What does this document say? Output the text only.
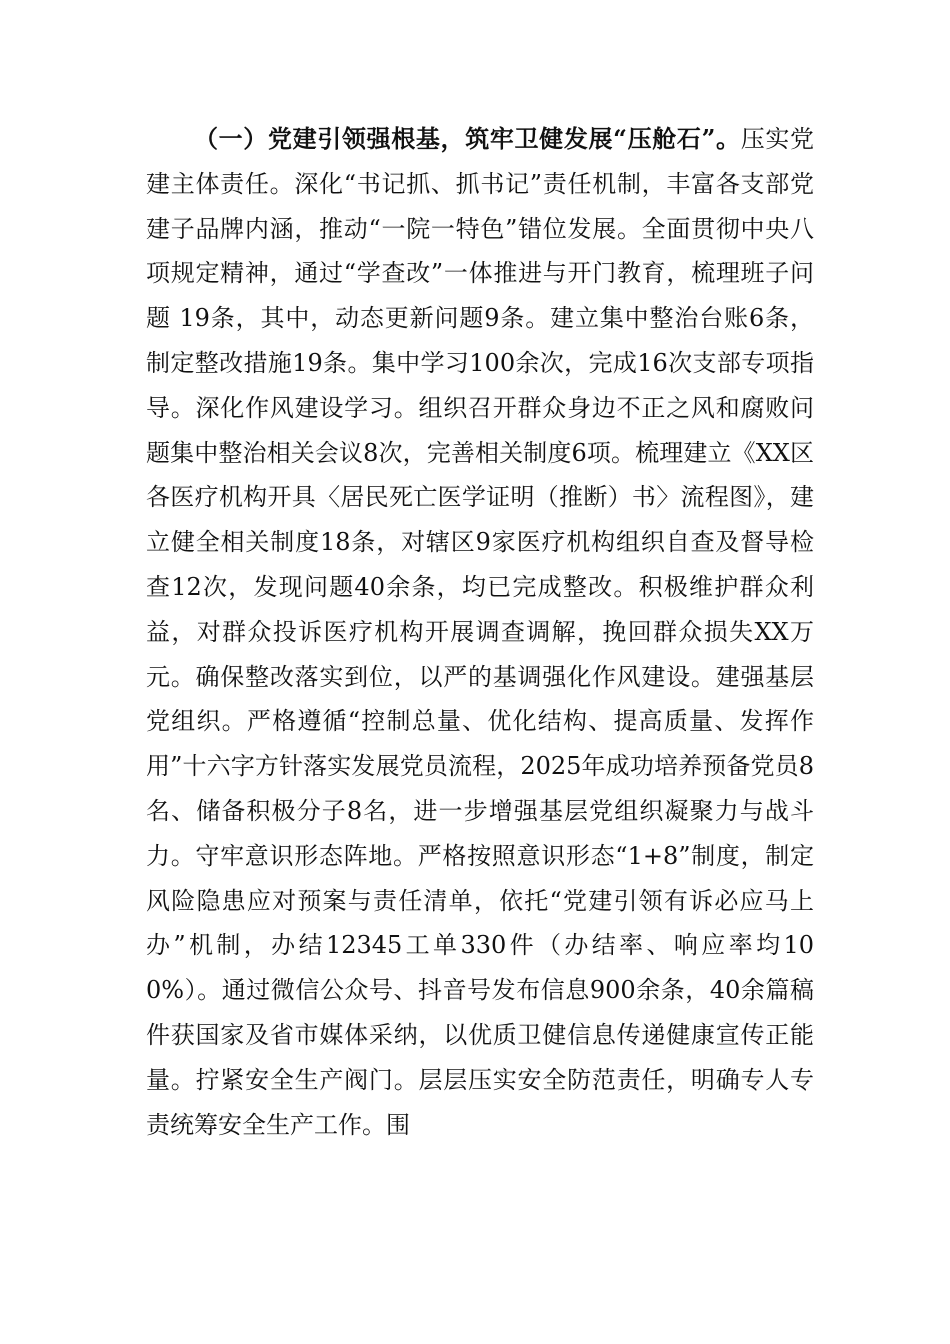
（一）党建引领强根基，筑牢卫健发展“压舱石”。压实党建主体责任。深化“书记抓、抓书记”责任机制，丰富各支部党建子品牌内涵，推动“一院一特色”错位发展。全面贯彻中央八项规定精神，通过“学查改”一体推进与开门教育，梳理班子问题 19条，其中，动态更新问题9条。建立集中整治台账6条，制定整改措施19条。集中学习100余次，完成16次支部专项指导。深化作风建设学习。组织召开群众身边不正之风和腐败问题集中整治相关会议8次，完善相关制度6项。梳理建立《XX区各医疗机构开具〈居民死亡医学证明（推断）书〉流程图》，建立健全相关制度18条，对辖区9家医疗机构组织自查及督导检查12次，发现问题40余条，均已完成整改。积极维护群众利益，对群众投诉医疗机构开展调查调解，挽回群众损失XX万元。确保整改落实到位，以严的基调强化作风建设。建强基层党组织。严格遵循“控制总量、优化结构、提高质量、发挥作用”十六字方针落实发展党员流程，2025年成功培养预备党员8名、储备积极分子8名，进一步增强基层党组织凝聚力与战斗力。守牢意识形态阵地。严格按照意识形态“1+8”制度，制定风险隐患应对预案与责任清单，依托“党建引领有诉必应马上办”机制，办结12345工单330件（办结率、响应率均100%）。通过微信公众号、抖音号发布信息900余条，40余篇稿件获国家及省市媒体采纳，以优质卫健信息传递健康宣传正能量。拧紧安全生产阀门。层层压实安全防范责任，明确专人专责统筹安全生产工作。围
